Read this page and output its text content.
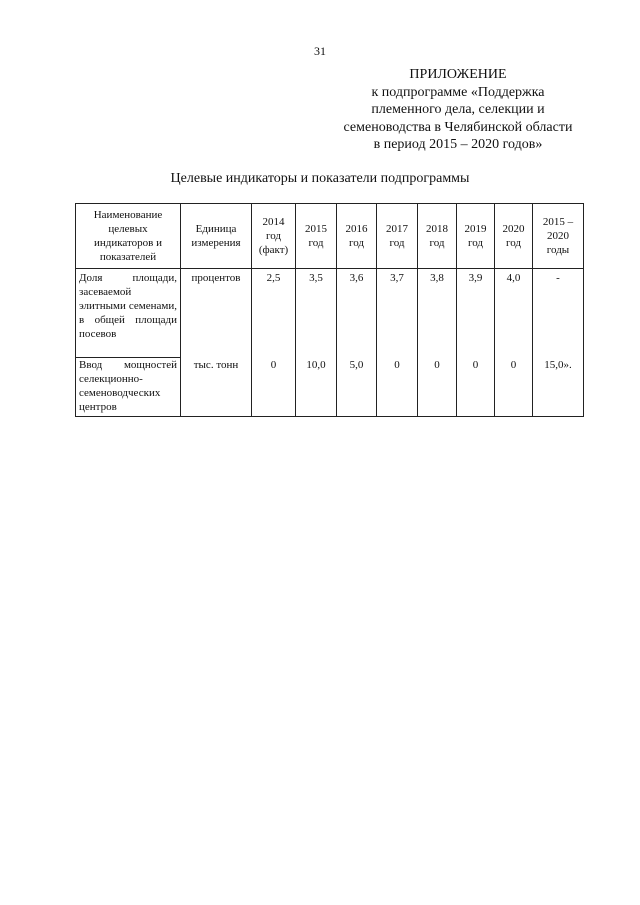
31
ПРИЛОЖЕНИЕ
к подпрограмме «Поддержка
племенного дела, селекции и
семеноводства в Челябинской области
в период 2015 – 2020 годов»
Целевые индикаторы и показатели подпрограммы
Наименование целевых индикаторов и показателей	Единица измерения	2014 год (факт)	2015 год	2016 год	2017 год	2018 год	2019 год	2020 год	2015 – 2020 годы
Доля площади, засеваемой элитными семенами, в общей площади посевов	процентов	2,5	3,5	3,6	3,7	3,8	3,9	4,0	-
Ввод мощностей селекционно-семеноводческих центров	тыс. тонн	0	10,0	5,0	0	0	0	0	15,0».
